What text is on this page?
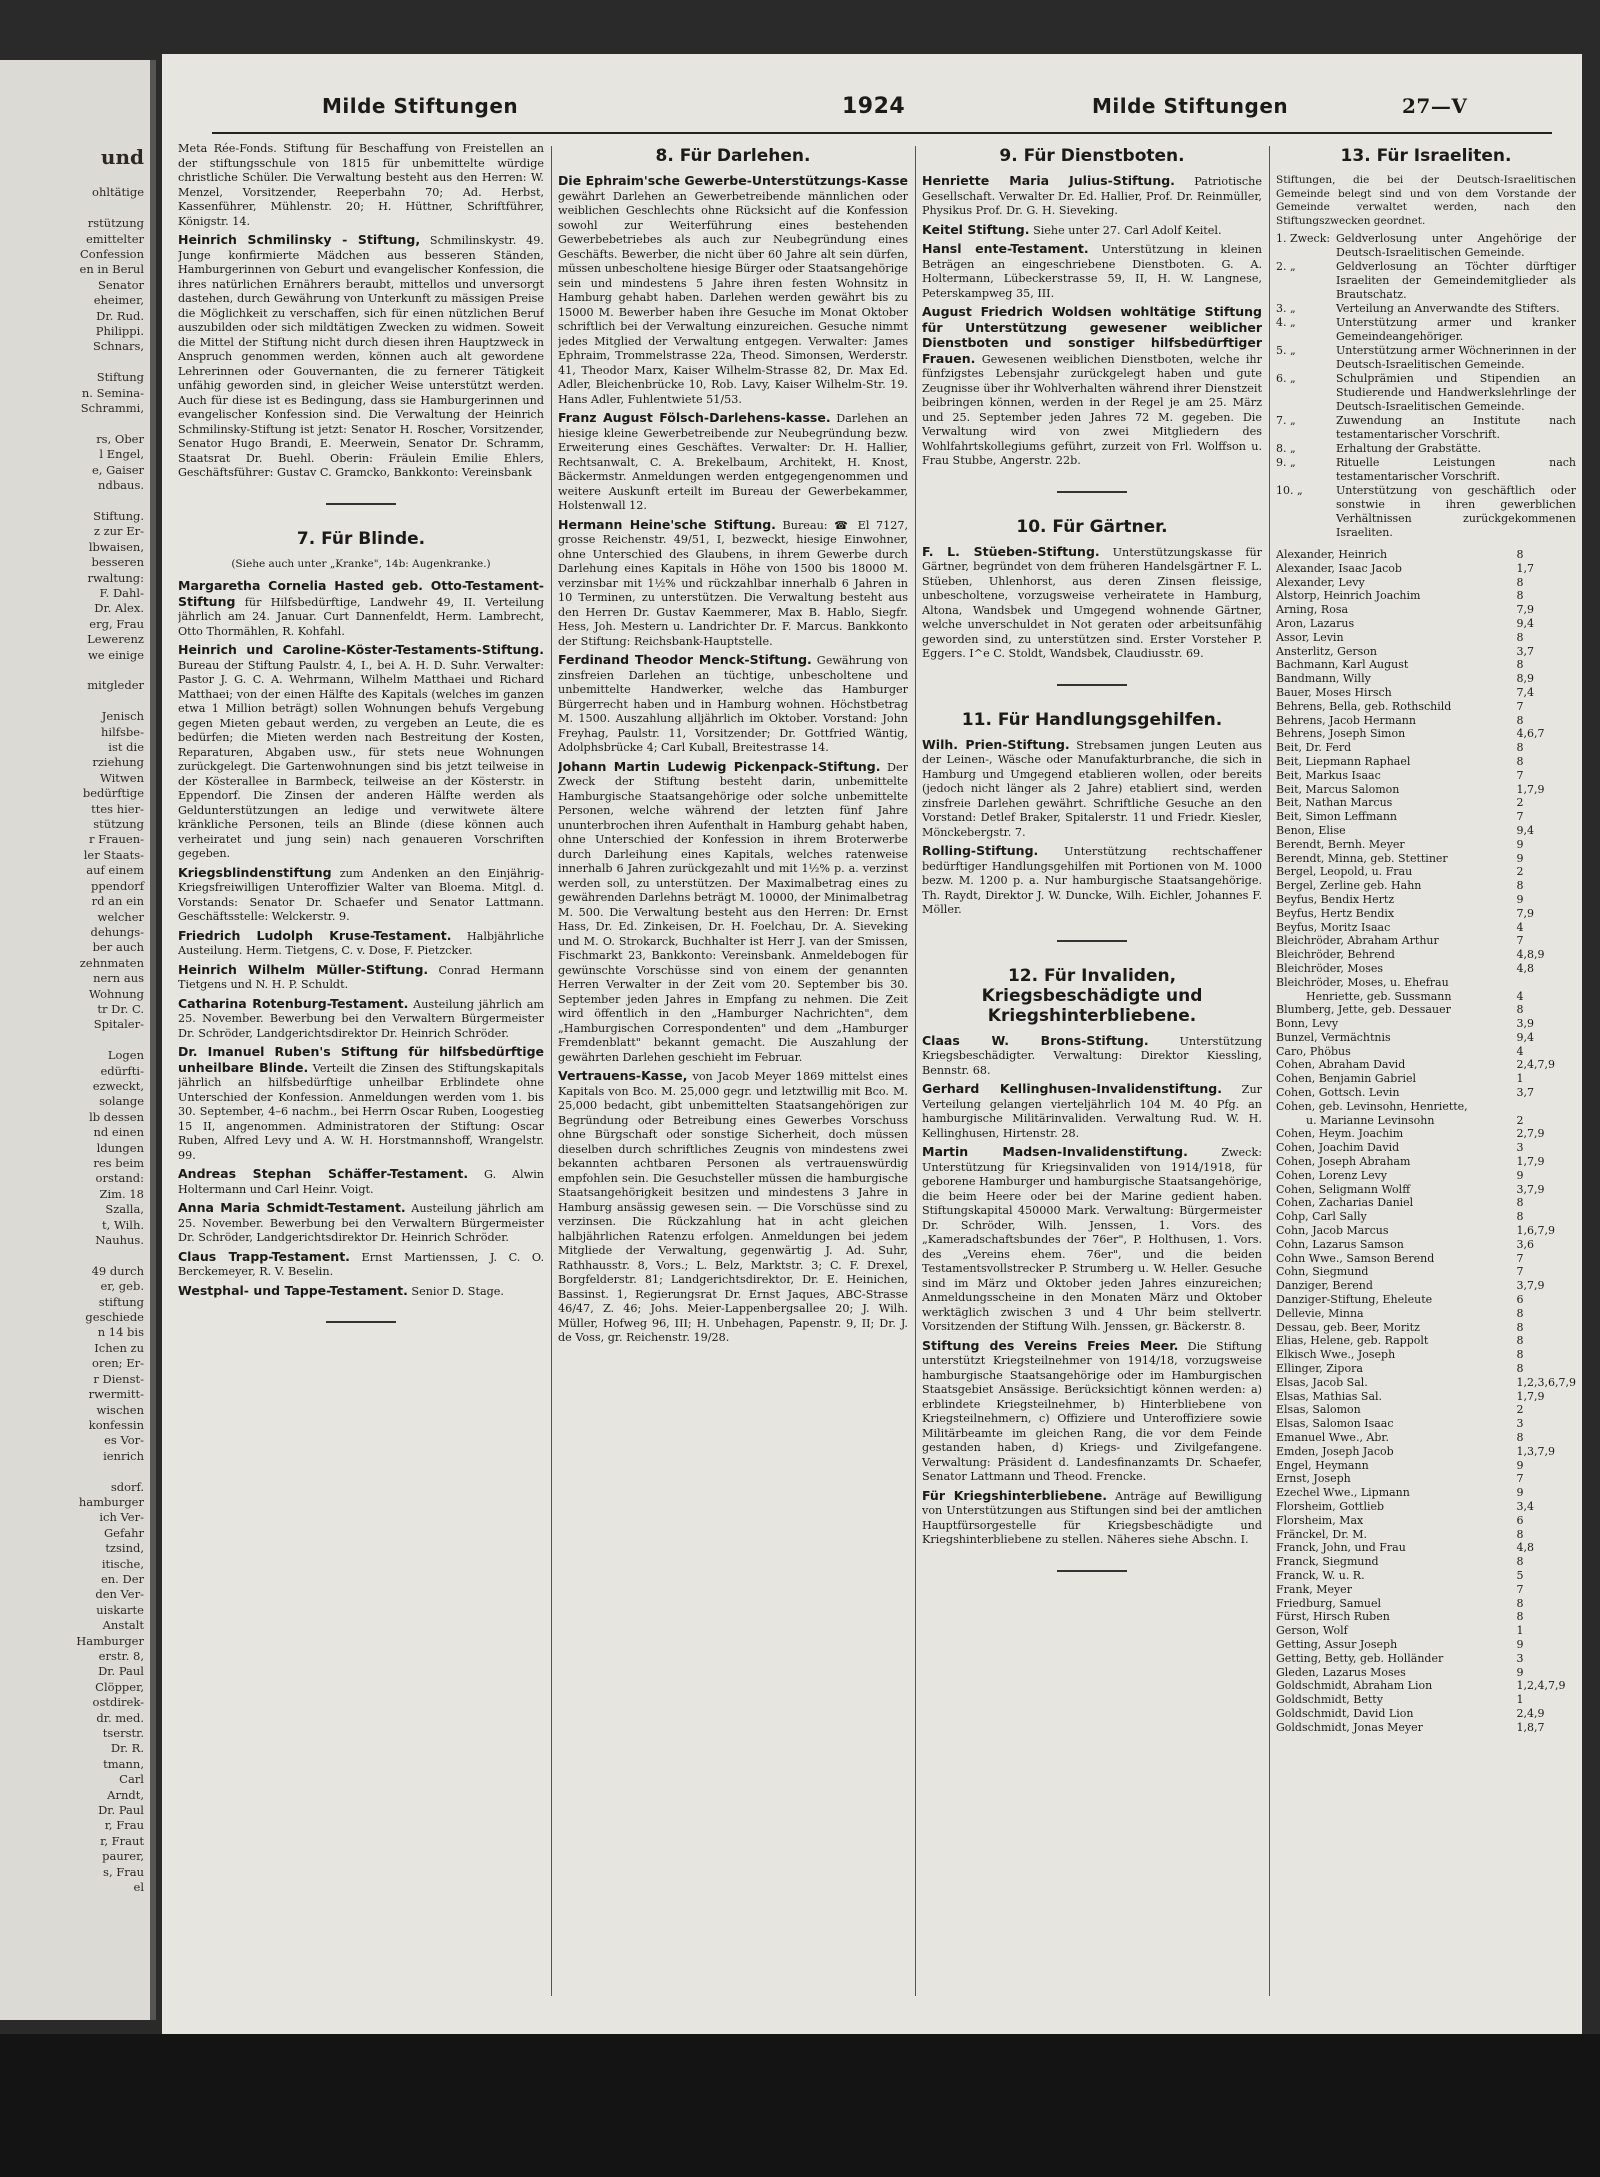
und
ohltätige

rstützung
emittelter
Confession
en in Berul
Senator
eheimer,
Dr. Rud.
Philippi.
Schnars,

Stiftung
n. Semina-
Schrammi,

rs, Ober
l Engel,
e, Gaiser
ndbaus.

Stiftung.
z zur Er-
lbwaisen,
besseren
rwaltung:
F. Dahl-
Dr. Alex.
erg, Frau
Lewerenz
we einige

mitgleder

Jenisch
hilfsbe-
ist die
rziehung
Witwen
bedürftige
ttes hier-
stützung
r Frauen-
ler Staats-
auf einem
ppendorf
rd an ein
welcher
dehungs-
ber auch
zehnmaten
nern aus
Wohnung
tr Dr. C.
Spitaler-

Logen
edürfti-
ezweckt,
solange
lb dessen
nd einen
ldungen
res beim
orstand:
Zim. 18
Szalla,
t, Wilh.
Nauhus.

49 durch
er, geb.
stiftung
geschiede
n 14 bis
Ichen zu
oren; Er-
r Dienst-
rwermitt-
wischen
konfessin
es Vor-
ienrich

sdorf.
hamburger
ich Ver-
Gefahr
tzsind,
itische,
en. Der
den Ver-
uiskarte
Anstalt
Hamburger
erstr. 8,
Dr. Paul
Clöpper,
ostdirek-
dr. med.
tserstr.
Dr. R.
tmann,
Carl
Arndt,
Dr. Paul
r, Frau
r, Fraut
paurer,
s, Frau
el
Milde Stiftungen	1924	Milde Stiftungen	27—V
Meta Rée-Fonds. Stiftung für Beschaffung von Freistellen an der stiftungsschule von 1815 für unbemittelte würdige christliche Schüler. Die Verwaltung besteht aus den Herren: W. Menzel, Vorsitzender, Reeperbahn 70; Ad. Herbst, Kassenführer, Mühlenstr. 20; H. Hüttner, Schriftführer, Königstr. 14.
Heinrich Schmilinsky - Stiftung, Schmilinskystr. 49. Junge konfirmierte Mädchen aus besseren Ständen, Hamburgerinnen von Geburt und evangelischer Konfession, die ihres natürlichen Ernährers beraubt, mittellos und unversorgt dastehen, durch Gewährung von Unterkunft zu mässigen Preise die Möglichkeit zu verschaffen, sich für einen nützlichen Beruf auszubilden oder sich mildtätigen Zwecken zu widmen. Soweit die Mittel der Stiftung nicht durch diesen ihren Hauptzweck in Anspruch genommen werden, können auch alt gewordene Lehrerinnen oder Gouvernanten, die zu fernerer Tätigkeit unfähig geworden sind, in gleicher Weise unterstützt werden. Auch für diese ist es Bedingung, dass sie Hamburgerinnen und evangelischer Konfession sind. Die Verwaltung der Heinrich Schmilinsky-Stiftung ist jetzt: Senator H. Roscher, Vorsitzender, Senator Hugo Brandi, E. Meerwein, Senator Dr. Schramm, Staatsrat Dr. Buehl. Oberin: Fräulein Emilie Ehlers, Geschäftsführer: Gustav C. Gramcko, Bankkonto: Vereinsbank
7. Für Blinde.
(Siehe auch unter „Kranke", 14b: Augenkranke.)
Margaretha Cornelia Hasted geb. Otto-Testament-Stiftung für Hilfsbedürftige, Landwehr 49, II. Verteilung jährlich am 24. Januar. Curt Dannenfeldt, Herm. Lambrecht, Otto Thormählen, R. Kohfahl.
Heinrich und Caroline-Köster-Testaments-Stiftung. Bureau der Stiftung Paulstr. 4, I., bei A. H. D. Suhr. Verwalter: Pastor J. G. C. A. Wehrmann, Wilhelm Matthaei und Richard Matthaei; von der einen Hälfte des Kapitals (welches im ganzen etwa 1 Million beträgt) sollen Wohnungen behufs Vergebung gegen Mieten gebaut werden, zu vergeben an Leute, die es bedürfen; die Mieten werden nach Bestreitung der Kosten, Reparaturen, Abgaben usw., für stets neue Wohnungen zurückgelegt. Die Gartenwohnungen sind bis jetzt teilweise in der Kösterallee in Barmbeck, teilweise an der Kösterstr. in Eppendorf. Die Zinsen der anderen Hälfte werden als Geldunterstützungen an ledige und verwitwete ältere kränkliche Personen, teils an Blinde (diese können auch verheiratet und jung sein) nach genaueren Vorschriften gegeben.
Kriegsblindenstiftung zum Andenken an den Einjährig-Kriegsfreiwilligen Unteroffizier Walter van Bloema. Mitgl. d. Vorstands: Senator Dr. Schaefer und Senator Lattmann. Geschäftsstelle: Welckerstr. 9.
Friedrich Ludolph Kruse-Testament. Halbjährliche Austeilung. Herm. Tietgens, C. v. Dose, F. Pietzcker.
Heinrich Wilhelm Müller-Stiftung. Conrad Hermann Tietgens und N. H. P. Schuldt.
Catharina Rotenburg-Testament. Austeilung jährlich am 25. November. Bewerbung bei den Verwaltern Bürgermeister Dr. Schröder, Landgerichtsdirektor Dr. Heinrich Schröder.
Dr. Imanuel Ruben's Stiftung für hilfsbedürftige unheilbare Blinde. Verteilt die Zinsen des Stiftungskapitals jährlich an hilfsbedürftige unheilbar Erblindete ohne Unterschied der Konfession. Anmeldungen werden vom 1. bis 30. September, 4–6 nachm., bei Herrn Oscar Ruben, Loogestieg 15 II, angenommen. Administratoren der Stiftung: Oscar Ruben, Alfred Levy und A. W. H. Horstmannshoff, Wrangelstr. 99.
Andreas Stephan Schäffer-Testament. G. Alwin Holtermann und Carl Heinr. Voigt.
Anna Maria Schmidt-Testament. Austeilung jährlich am 25. November. Bewerbung bei den Verwaltern Bürgermeister Dr. Schröder, Landgerichtsdirektor Dr. Heinrich Schröder.
Claus Trapp-Testament. Ernst Martienssen, J. C. O. Berckemeyer, R. V. Beselin.
Westphal- und Tappe-Testament. Senior D. Stage.
8. Für Darlehen.
Die Ephraim'sche Gewerbe-Unterstützungs-Kasse gewährt Darlehen an Gewerbetreibende männlichen oder weiblichen Geschlechts ohne Rücksicht auf die Konfession sowohl zur Weiterführung eines bestehenden Gewerbebetriebes als auch zur Neubegründung eines Geschäfts. Bewerber, die nicht über 60 Jahre alt sein dürfen, müssen unbescholtene hiesige Bürger oder Staatsangehörige sein und mindestens 5 Jahre ihren festen Wohnsitz in Hamburg gehabt haben. Darlehen werden gewährt bis zu 15000 M. Bewerber haben ihre Gesuche im Monat Oktober schriftlich bei der Verwaltung einzureichen. Gesuche nimmt jedes Mitglied der Verwaltung entgegen. Verwalter: James Ephraim, Trommelstrasse 22a, Theod. Simonsen, Werderstr. 41, Theodor Marx, Kaiser Wilhelm-Strasse 82, Dr. Max Ed. Adler, Bleichenbrücke 10, Rob. Lavy, Kaiser Wilhelm-Str. 19. Hans Adler, Fuhlentwiete 51/53.
Franz August Fölsch-Darlehens-kasse. Darlehen an hiesige kleine Gewerbetreibende zur Neubegründung bezw. Erweiterung eines Geschäftes. Verwalter: Dr. H. Hallier, Rechtsanwalt, C. A. Brekelbaum, Architekt, H. Knost, Bäckermstr. Anmeldungen werden entgegengenommen und weitere Auskunft erteilt im Bureau der Gewerbekammer, Holstenwall 12.
Hermann Heine'sche Stiftung. Bureau: ☎ El 7127, grosse Reichenstr. 49/51, I, bezweckt, hiesige Einwohner, ohne Unterschied des Glaubens, in ihrem Gewerbe durch Darlehung eines Kapitals in Höhe von 1500 bis 18000 M. verzinsbar mit 1½% und rückzahlbar innerhalb 6 Jahren in 10 Terminen, zu unterstützen. Die Verwaltung besteht aus den Herren Dr. Gustav Kaemmerer, Max B. Hablo, Siegfr. Hess, Joh. Mestern u. Landrichter Dr. F. Marcus. Bankkonto der Stiftung: Reichsbank-Hauptstelle.
Ferdinand Theodor Menck-Stiftung. Gewährung von zinsfreien Darlehen an tüchtige, unbescholtene und unbemittelte Handwerker, welche das Hamburger Bürgerrecht haben und in Hamburg wohnen. Höchstbetrag M. 1500. Auszahlung alljährlich im Oktober. Vorstand: John Freyhag, Paulstr. 11, Vorsitzender; Dr. Gottfried Wäntig, Adolphsbrücke 4; Carl Kuball, Breitestrasse 14.
Johann Martin Ludewig Pickenpack-Stiftung. Der Zweck der Stiftung besteht darin, unbemittelte Hamburgische Staatsangehörige oder solche unbemittelte Personen, welche während der letzten fünf Jahre ununterbrochen ihren Aufenthalt in Hamburg gehabt haben, ohne Unterschied der Konfession in ihrem Broterwerbe durch Darleihung eines Kapitals, welches ratenweise innerhalb 6 Jahren zurückgezahlt und mit 1½% p. a. verzinst werden soll, zu unterstützen. Der Maximalbetrag eines zu gewährenden Darlehns beträgt M. 10000, der Minimalbetrag M. 500. Die Verwaltung besteht aus den Herren: Dr. Ernst Hass, Dr. Ed. Zinkeisen, Dr. H. Foelchau, Dr. A. Sieveking und M. O. Strokarck, Buchhalter ist Herr J. van der Smissen, Fischmarkt 23, Bankkonto: Vereinsbank. Anmeldebogen für gewünschte Vorschüsse sind von einem der genannten Herren Verwalter in der Zeit vom 20. September bis 30. September jeden Jahres in Empfang zu nehmen. Die Zeit wird öffentlich in den „Hamburger Nachrichten", dem „Hamburgischen Correspondenten" und dem „Hamburger Fremdenblatt" bekannt gemacht. Die Auszahlung der gewährten Darlehen geschieht im Februar.
Vertrauens-Kasse, von Jacob Meyer 1869 mittelst eines Kapitals von Bco. M. 25,000 gegr. und letztwillig mit Bco. M. 25,000 bedacht, gibt unbemittelten Staatsangehörigen zur Begründung oder Betreibung eines Gewerbes Vorschuss ohne Bürgschaft oder sonstige Sicherheit, doch müssen dieselben durch schriftliches Zeugnis von mindestens zwei bekannten achtbaren Personen als vertrauenswürdig empfohlen sein. Die Gesuchsteller müssen die hamburgische Staatsangehörigkeit besitzen und mindestens 3 Jahre in Hamburg ansässig gewesen sein. — Die Vorschüsse sind zu verzinsen. Die Rückzahlung hat in acht gleichen halbjährlichen Ratenzu erfolgen. Anmeldungen bei jedem Mitgliede der Verwaltung, gegenwärtig J. Ad. Suhr, Rathhausstr. 8, Vors.; L. Belz, Marktstr. 3; C. F. Drexel, Borgfelderstr. 81; Landgerichtsdirektor, Dr. E. Heinichen, Bassinst. 1, Regierungsrat Dr. Ernst Jaques, ABC-Strasse 46/47, Z. 46; Johs. Meier-Lappenbergsallee 20; J. Wilh. Müller, Hofweg 96, III; H. Unbehagen, Papenstr. 9, II; Dr. J. de Voss, gr. Reichenstr. 19/28.
9. Für Dienstboten.
Henriette Maria Julius-Stiftung. Patriotische Gesellschaft. Verwalter Dr. Ed. Hallier, Prof. Dr. Reinmüller, Physikus Prof. Dr. G. H. Sieveking.
Keitel Stiftung. Siehe unter 27. Carl Adolf Keitel.
Hansl ente-Testament. Unterstützung in kleinen Beträgen an eingeschriebene Dienstboten. G. A. Holtermann, Lübeckerstrasse 59, II, H. W. Langnese, Peterskampweg 35, III.
August Friedrich Woldsen wohltätige Stiftung für Unterstützung gewesener weiblicher Dienstboten und sonstiger hilfsbedürftiger Frauen. Gewesenen weiblichen Dienstboten, welche ihr fünfzigstes Lebensjahr zurückgelegt haben und gute Zeugnisse über ihr Wohlverhalten während ihrer Dienstzeit beibringen können, werden in der Regel je am 25. März und 25. September jeden Jahres 72 M. gegeben. Die Verwaltung wird von zwei Mitgliedern des Wohlfahrtskollegiums geführt, zurzeit von Frl. Wolffson u. Frau Stubbe, Angerstr. 22b.
10. Für Gärtner.
F. L. Stüeben-Stiftung. Unterstützungskasse für Gärtner, begründet von dem früheren Handelsgärtner F. L. Stüeben, Uhlenhorst, aus deren Zinsen fleissige, unbescholtene, vorzugsweise verheiratete in Hamburg, Altona, Wandsbek und Umgegend wohnende Gärtner, welche unverschuldet in Not geraten oder arbeitsunfähig geworden sind, zu unterstützen sind. Erster Vorsteher P. Eggers. I^e C. Stoldt, Wandsbek, Claudiusstr. 69.
11. Für Handlungsgehilfen.
Wilh. Prien-Stiftung. Strebsamen jungen Leuten aus der Leinen-, Wäsche oder Manufakturbranche, die sich in Hamburg und Umgegend etablieren wollen, oder bereits (jedoch nicht länger als 2 Jahre) etabliert sind, werden zinsfreie Darlehen gewährt. Schriftliche Gesuche an den Vorstand: Detlef Braker, Spitalerstr. 11 und Friedr. Kiesler, Mönckebergstr. 7.
Rolling-Stiftung. Unterstützung rechtschaffener bedürftiger Handlungsgehilfen mit Portionen von M. 1000 bezw. M. 1200 p. a. Nur hamburgische Staatsangehörige. Th. Raydt, Direktor J. W. Duncke, Wilh. Eichler, Johannes F. Möller.
12. Für Invaliden, Kriegsbeschädigte und Kriegshinterbliebene.
Claas W. Brons-Stiftung.	Unterstützung Kriegsbeschädigter. Verwaltung: Direktor Kiessling, Bennstr. 68.
Gerhard Kellinghusen-Invalidenstiftung. Zur Verteilung gelangen vierteljährlich 104 M. 40 Pfg. an hamburgische Militärinvaliden. Verwaltung Rud. W. H. Kellinghusen, Hirtenstr. 28.
Martin Madsen-Invalidenstiftung.	Zweck: Unterstützung für Kriegsinvaliden von 1914/1918, für geborene Hamburger und hamburgische Staatsangehörige, die beim Heere oder bei der Marine gedient haben. Stiftungskapital 450000 Mark. Verwaltung: Bürgermeister Dr. Schröder, Wilh. Jenssen, 1. Vors. des „Kameradschaftsbundes der 76er", P. Holthusen, 1. Vors. des „Vereins ehem. 76er", und die beiden Testamentsvollstrecker P. Strumberg u. W. Heller. Gesuche sind im März und Oktober jeden Jahres einzureichen; Anmeldungsscheine in den Monaten März und Oktober werktäglich zwischen 3 und 4 Uhr beim stellvertr. Vorsitzenden der Stiftung Wilh. Jenssen, gr. Bäckerstr. 8.
Stiftung des Vereins Freies Meer. Die Stiftung unterstützt Kriegsteilnehmer von 1914/18, vorzugsweise hamburgische Staatsangehörige oder im Hamburgischen Staatsgebiet Ansässige. Berücksichtigt können werden: a) erblindete Kriegsteilnehmer, b) Hinterbliebene von Kriegsteilnehmern, c) Offiziere und Unteroffiziere sowie Militärbeamte im gleichen Rang, die vor dem Feinde gestanden haben, d) Kriegs- und Zivilgefangene. Verwaltung: Präsident d. Landesfinanzamts Dr. Schaefer, Senator Lattmann und Theod. Frencke.
Für Kriegshinterbliebene. Anträge auf Bewilligung von Unterstützungen aus Stiftungen sind bei der amtlichen Hauptfürsorgestelle für Kriegsbeschädigte und Kriegshinterbliebene zu stellen. Näheres siehe Abschn. I.
13. Für Israeliten.
Stiftungen, die bei der Deutsch-Israelitischen Gemeinde belegt sind und von dem Vorstande der Gemeinde verwaltet werden, nach den Stiftungszwecken geordnet.
1. Zweck: Geldverlosung unter Angehörige der Deutsch-Israelitischen Gemeinde.
2. „	Geldverlosung an Töchter dürftiger Israeliten der Gemeindemitglieder als Brautschatz.
3. „	Verteilung an Anverwandte des Stifters.
4. „	Unterstützung armer und kranker Gemeindeangehöriger.
5. „	Unterstützung armer Wöchnerinnen in der Deutsch-Israelitischen Gemeinde.
6. „	Schulprämien und Stipendien an Studierende und Handwerkslehrlinge der Deutsch-Israelitischen Gemeinde.
7. „	Zuwendung an Institute nach testamentarischer Vorschrift.
8. „	Erhaltung der Grabstätte.
9. „	Rituelle Leistungen nach testamentarischer Vorschrift.
10. „	Unterstützung von geschäftlich oder sonstwie in ihren gewerblichen Verhältnissen zurückgekommenen Israeliten.
Alexander, Heinrich	8
Alexander, Isaac Jacob	1,7
Alexander, Levy	8
Alstorp, Heinrich Joachim	8
Arning, Rosa	7,9
Aron, Lazarus	9,4
Assor, Levin	8
Ansterlitz, Gerson	3,7
Bachmann, Karl August	8
Bandmann, Willy	8,9
Bauer, Moses Hirsch	7,4
Behrens, Bella, geb. Rothschild	7
Behrens, Jacob Hermann	8
Behrens, Joseph Simon	4,6,7
Beit, Dr. Ferd	8
Beit, Liepmann Raphael	8
Beit, Markus Isaac	7
Beit, Marcus Salomon	1,7,9
Beit, Nathan Marcus	2
Beit, Simon Leffmann	7
Benon, Elise	9,4
Berendt, Bernh. Meyer	9
Berendt, Minna, geb. Stettiner	9
Bergel, Leopold, u. Frau	2
Bergel, Zerline geb. Hahn	8
Beyfus, Bendix Hertz	9
Beyfus, Hertz Bendix	7,9
Beyfus, Moritz Isaac	4
Bleichröder, Abraham Arthur	7
Bleichröder, Behrend	4,8,9
Bleichröder, Moses	4,8
Bleichröder, Moses, u. Ehefrau	
Henriette, geb. Sussmann	4
Blumberg, Jette, geb. Dessauer	8
Bonn, Levy	3,9
Bunzel, Vermächtnis	9,4
Caro, Phöbus	4
Cohen, Abraham David	2,4,7,9
Cohen, Benjamin Gabriel	1
Cohen, Gottsch. Levin	3,7
Cohen, geb. Levinsohn, Henriette,	
u. Marianne Levinsohn	2
Cohen, Heym. Joachim	2,7,9
Cohen, Joachim David	3
Cohen, Joseph Abraham	1,7,9
Cohen, Lorenz Levy	9
Cohen, Seligmann Wolff	3,7,9
Cohen, Zacharias Daniel	8
Cohp, Carl Sally	8
Cohn, Jacob Marcus	1,6,7,9
Cohn, Lazarus Samson	3,6
Cohn Wwe., Samson Berend	7
Cohn, Siegmund	7
Danziger, Berend	3,7,9
Danziger-Stiftung, Eheleute	6
Dellevie, Minna	8
Dessau, geb. Beer, Moritz	8
Elias, Helene, geb. Rappolt	8
Elkisch Wwe., Joseph	8
Ellinger, Zipora	8
Elsas, Jacob Sal.	1,2,3,6,7,9
Elsas, Mathias Sal.	1,7,9
Elsas, Salomon	2
Elsas, Salomon Isaac	3
Emanuel Wwe., Abr.	8
Emden, Joseph Jacob	1,3,7,9
Engel, Heymann	9
Ernst, Joseph	7
Ezechel Wwe., Lipmann	9
Florsheim, Gottlieb	3,4
Florsheim, Max	6
Fränckel, Dr. M.	8
Franck, John, und Frau	4,8
Franck, Siegmund	8
Franck, W. u. R.	5
Frank, Meyer	7
Friedburg, Samuel	8
Fürst, Hirsch Ruben	8
Gerson, Wolf	1
Getting, Assur Joseph	9
Getting, Betty, geb. Holländer	3
Gleden, Lazarus Moses	9
Goldschmidt, Abraham Lion	1,2,4,7,9
Goldschmidt, Betty	1
Goldschmidt, David Lion	2,4,9
Goldschmidt, Jonas Meyer	1,8,7
